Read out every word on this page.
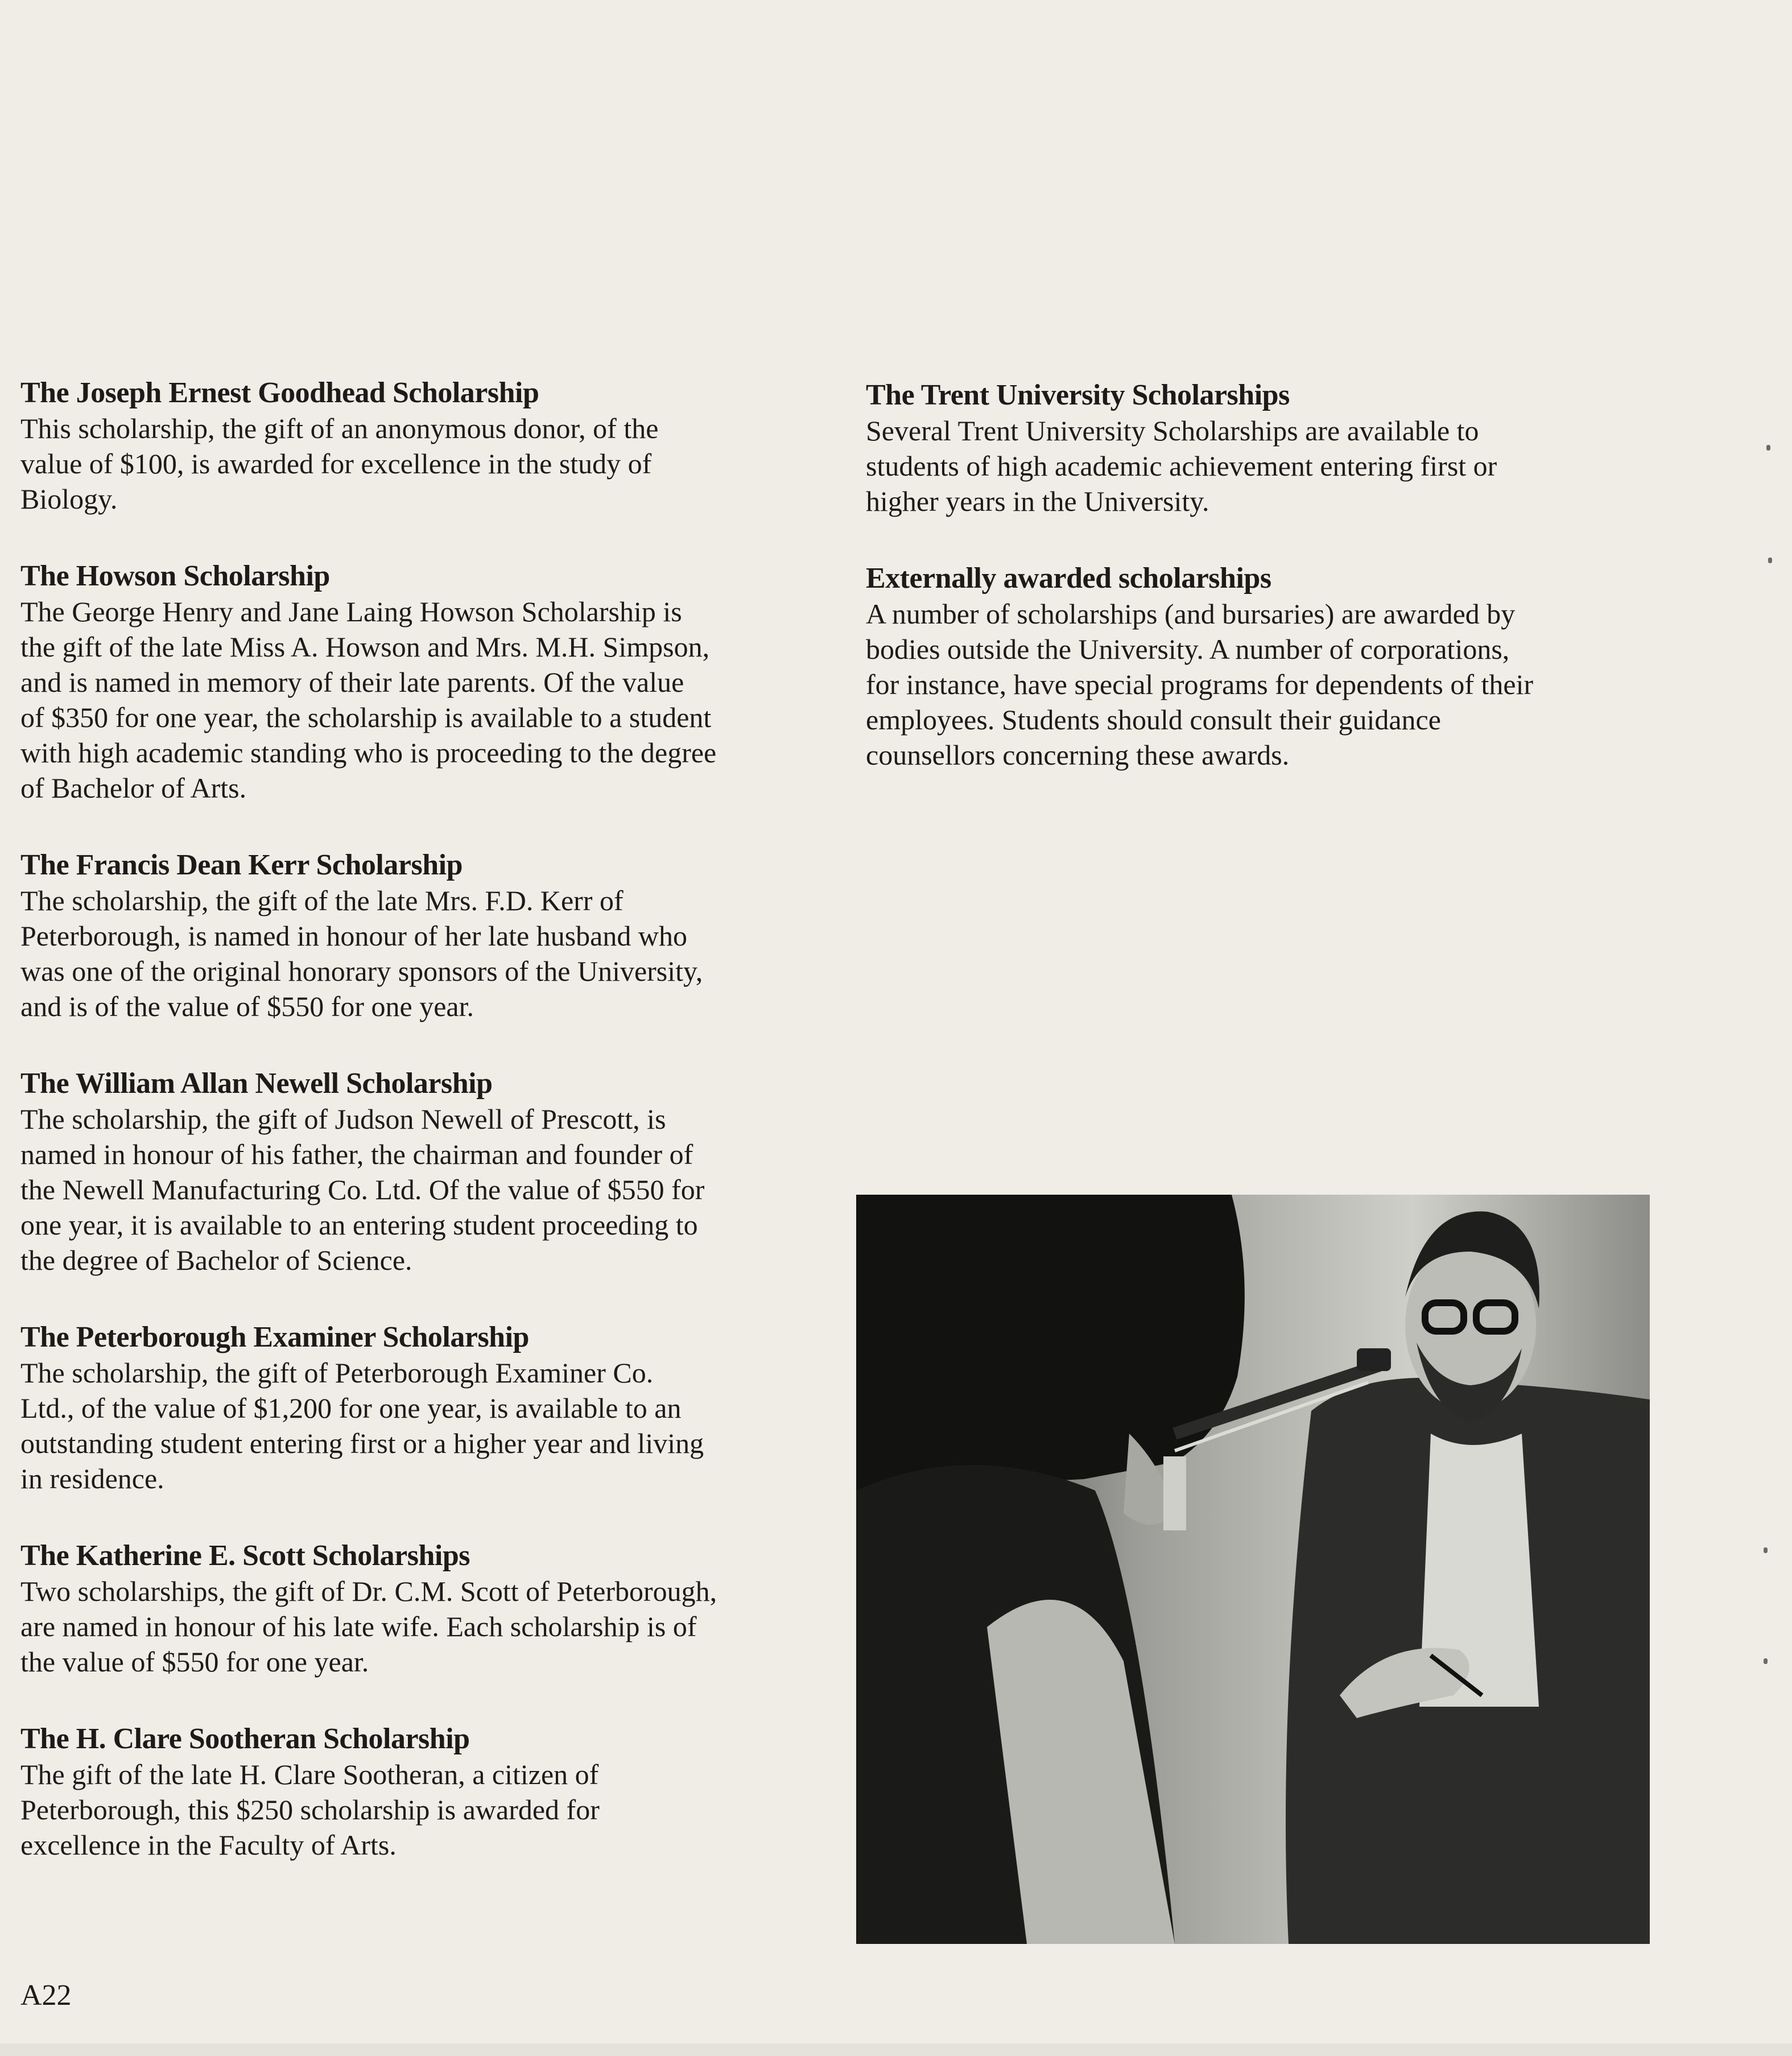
The Joseph Ernest Goodhead Scholarship

This scholarship, the gift of an anonymous donor, of the
value of $100, is awarded for excellence in the study of
Biology.

The Howson Scholarship

The George Henry and Jane Laing Howson Scholarship is
the gift of the late Miss A. Howson and Mrs. M.H. Simpson,
and is named in memory of their late parents. Of the value
of $350 for one year, the scholarship is available to a student
with high academic standing who is proceeding to the degree
of Bachelor of Arts.

The Francis Dean Kerr Scholarship

The scholarship, the gift of the late Mrs. F.D. Kerr of
Peterborough, is named in honour of her late husband who
was one of the original honorary sponsors of the University,
and is of the value of $550 for one year.

The William Allan Newell Scholarship

The scholarship, the gift of Judson Newell of Prescott, is
named in honour of his father, the chairman and founder of
the Newell Manufacturing Co. Ltd. Of the value of $550 for
one year, it is available to an entering student proceeding to
the degree of Bachelor of Science.

The Peterborough Examiner Scholarship

The scholarship, the gift of Peterborough Examiner Co.
Ltd., of the value of $1,200 for one year, is available to an
outstanding student entering first or a higher year and living
in residence.

The Katherine E. Scott Scholarships

Two scholarships, the gift of Dr. C.M. Scott of Peterborough,
are named in honour of his late wife. Each scholarship is of
the value of $550 for one year.

The H. Clare Sootheran Scholarship

The gift of the late H. Clare Sootheran, a citizen of
Peterborough, this $250 scholarship is awarded for
excellence in the Faculty of Arts.

The Trent University Scholarships

Several Trent University Scholarships are available to
students of high academic achievement entering first or
higher years in the University.

Externally awarded scholarships

A number of scholarships (and bursaries) are awarded by
bodies outside the University. A number of corporations,
for instance, have special programs for dependents of their
employees. Students should consult their guidance
counsellors concerning these awards.

A22
